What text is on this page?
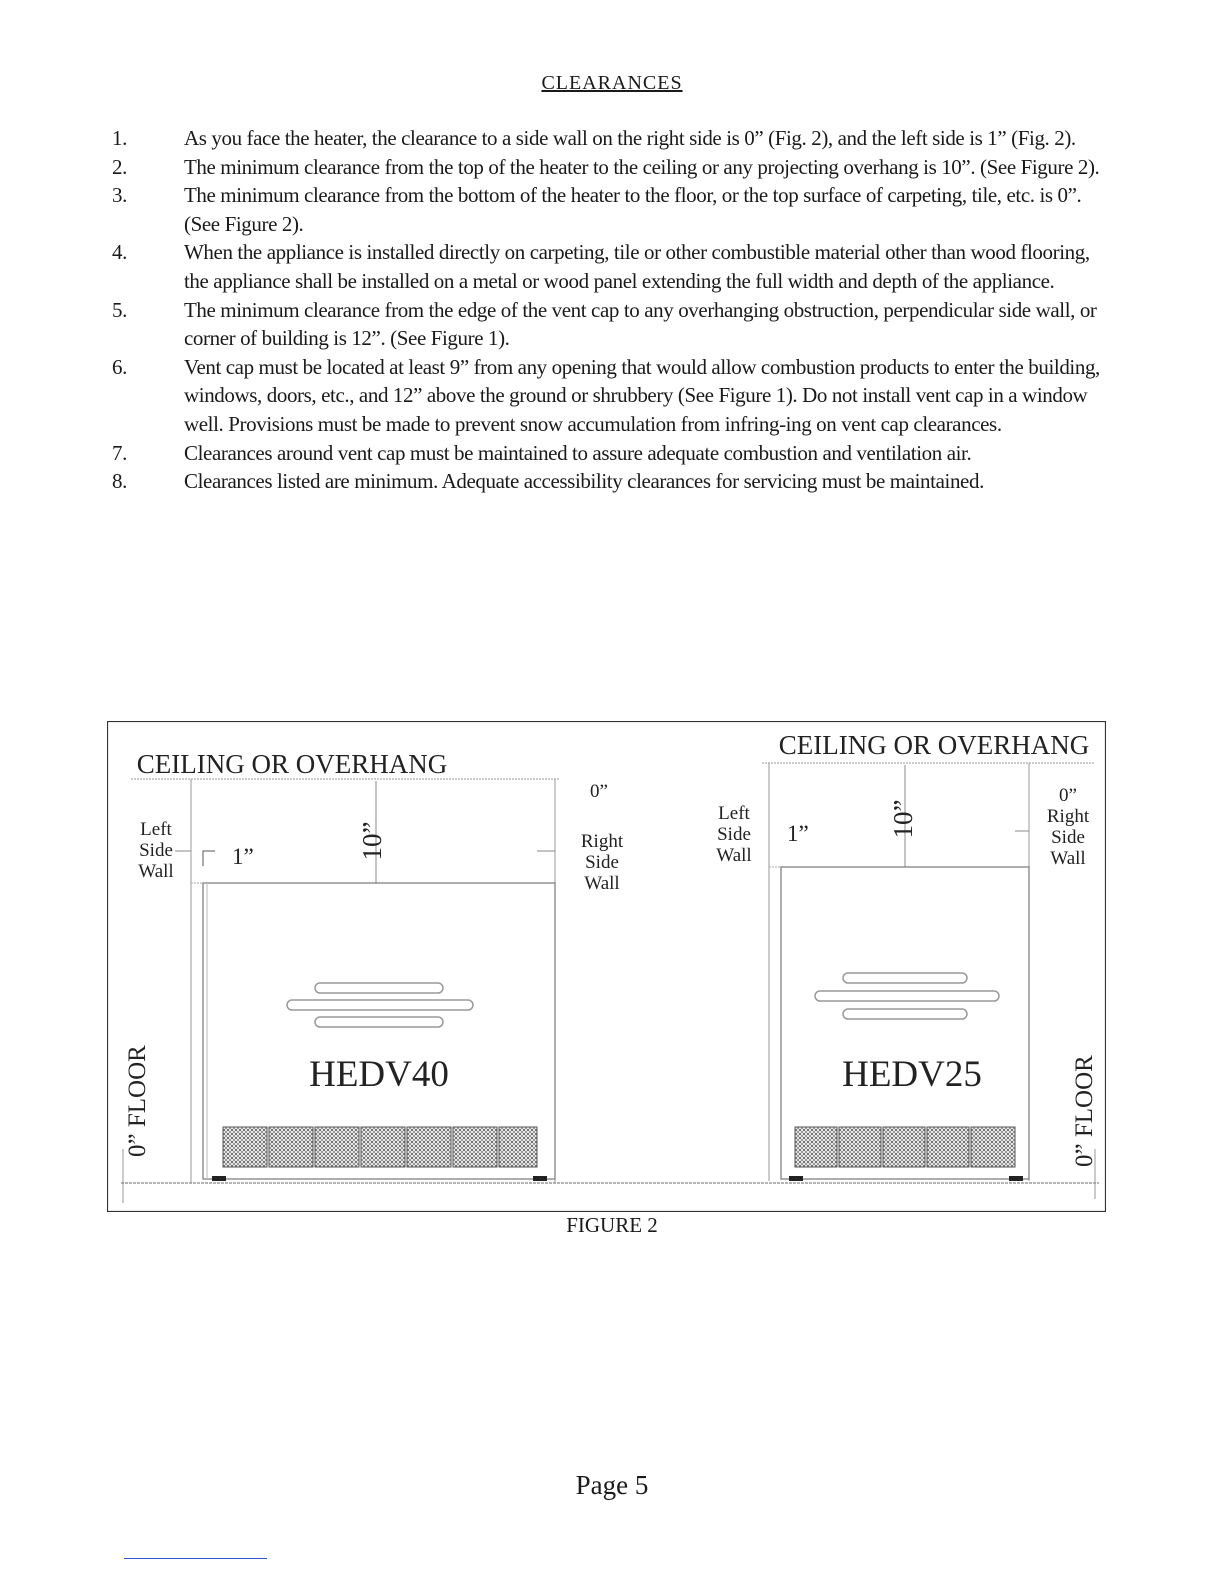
CLEARANCES
1.	As you face the heater, the clearance to a side wall on the right side is 0” (Fig. 2), and the left side is 1” (Fig. 2).
2.	The minimum clearance from the top of the heater to the ceiling or any projecting overhang is 10”. (See Figure 2).
3.	The minimum clearance from the bottom of the heater to the floor, or the top surface of carpeting, tile, etc. is 0”. (See Figure 2).
4.	When the appliance is installed directly on carpeting, tile or other combustible material other than wood flooring, the appliance shall be installed on a metal or wood panel extending the full width and depth of the appliance.
5.	The minimum clearance from the edge of the vent cap to any overhanging obstruction, perpendicular side wall, or corner of building is 12”. (See Figure 1).
6.	Vent cap must be located at least 9” from any opening that would allow combustion products to enter the building, windows, doors, etc., and 12” above the ground or shrubbery (See Figure 1). Do not install vent cap in a window well. Provisions must be made to prevent snow accumulation from infring-ing on vent cap clearances.
7.	Clearances around vent cap must be maintained to assure adequate combustion and ventilation air.
8.	Clearances listed are minimum. Adequate accessibility clearances for servicing must be maintained.
CEILING OR OVERHANG
Left
Side
Wall
1”	10”
0”
Right
Side
Wall
HEDV40
0” FLOOR
CEILING OR OVERHANG
Left
Side
Wall
1”	10”
0”
Right
Side
Wall
HEDV25	0” FLOOR
FIGURE 2
Page 5
